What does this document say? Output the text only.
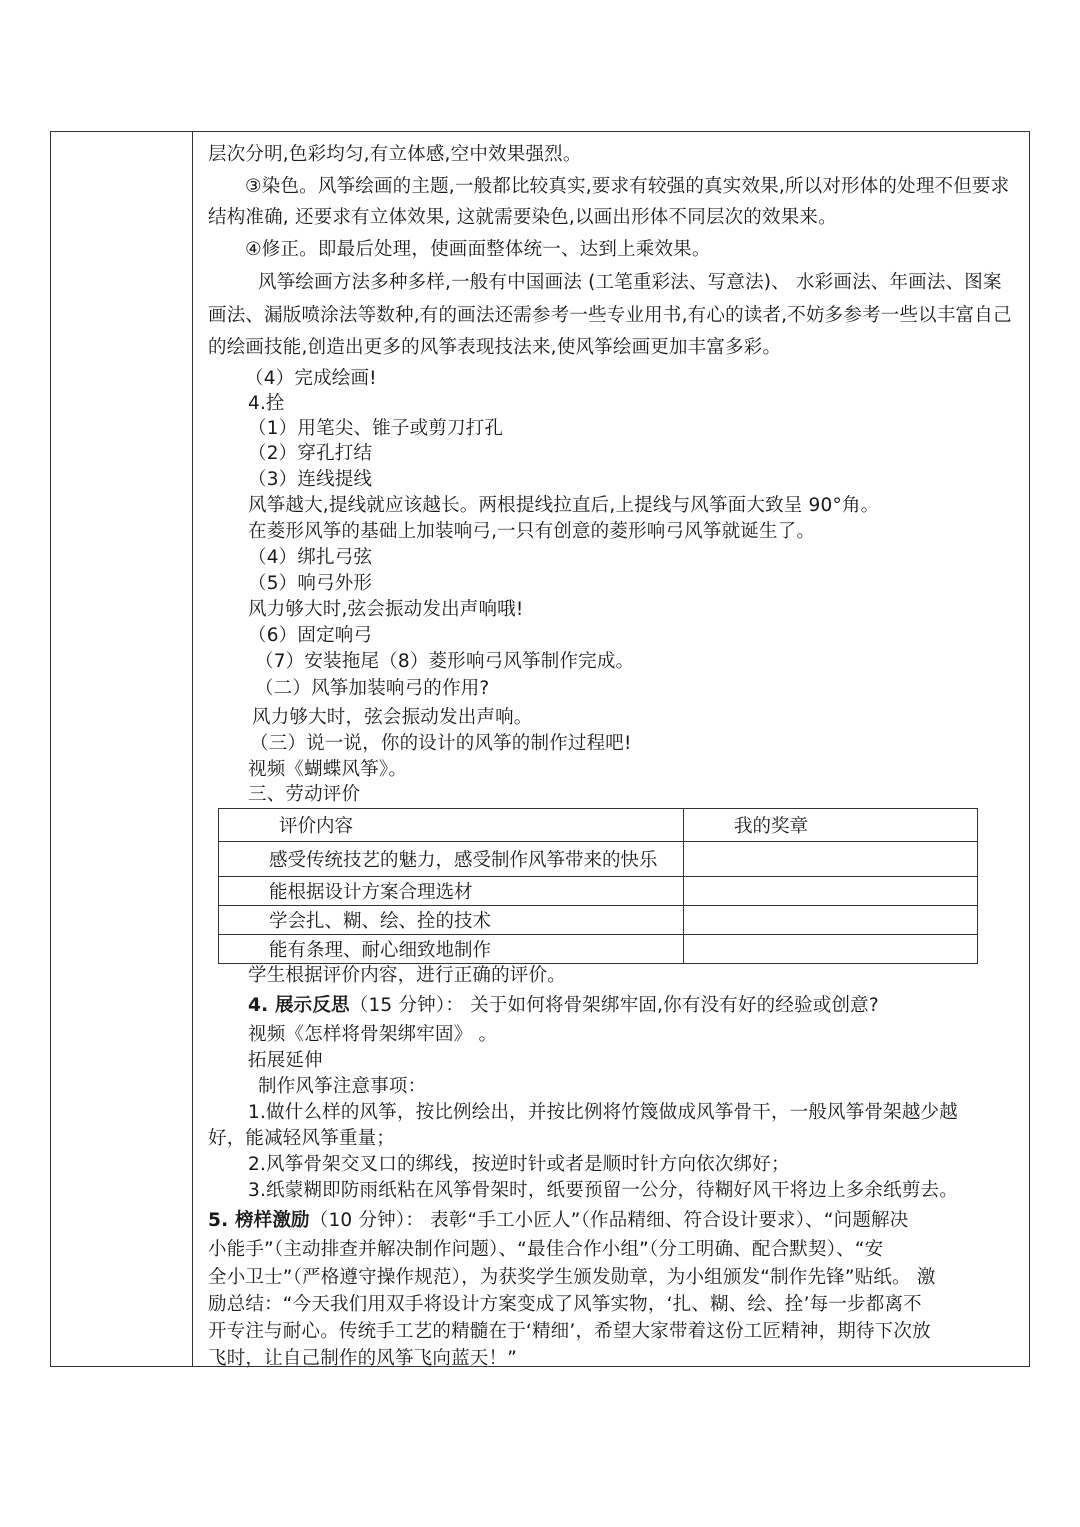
层次分明,色彩均匀,有立体感,空中效果强烈。
③染色。风筝绘画的主题,一般都比较真实,要求有较强的真实效果,所以对形体的处理不但要求
结构准确, 还要求有立体效果, 这就需要染色,以画出形体不同层次的效果来。
④修正。即最后处理，使画面整体统一、达到上乘效果。
风筝绘画方法多种多样,一般有中国画法 (工笔重彩法、写意法)、 水彩画法、年画法、图案
画法、漏版喷涂法等数种,有的画法还需参考一些专业用书,有心的读者,不妨多参考一些以丰富自己
的绘画技能,创造出更多的风筝表现技法来,使风筝绘画更加丰富多彩。
（4）完成绘画!
4.拴
（1）用笔尖、锥子或剪刀打孔
（2）穿孔打结
（3）连线提线
风筝越大,提线就应该越长。两根提线拉直后,上提线与风筝面大致呈 90°角。
在菱形风筝的基础上加装响弓,一只有创意的菱形响弓风筝就诞生了。
（4）绑扎弓弦
（5）响弓外形
风力够大时,弦会振动发出声响哦!
（6）固定响弓
（7）安装拖尾（8）菱形响弓风筝制作完成。
（二）风筝加装响弓的作用?
风力够大时，弦会振动发出声响。
（三）说一说，你的设计的风筝的制作过程吧!
视频《蝴蝶风筝》。
三、劳动评价
评价内容	我的奖章
感受传统技艺的魅力，感受制作风筝带来的快乐	
能根据设计方案合理选材	
学会扎、糊、绘、拴的技术	
能有条理、耐心细致地制作	
学生根据评价内容，进行正确的评价。
4. 展示反思（15 分钟）： 关于如何将骨架绑牢固,你有没有好的经验或创意?
视频《怎样将骨架绑牢固》 。
拓展延伸
制作风筝注意事项：
1.做什么样的风筝，按比例绘出，并按比例将竹篾做成风筝骨干，一般风筝骨架越少越
好，能减轻风筝重量；
2.风筝骨架交叉口的绑线，按逆时针或者是顺时针方向依次绑好；
3.纸蒙糊即防雨纸粘在风筝骨架时，纸要预留一公分，待糊好风干将边上多余纸剪去。
5. 榜样激励（10 分钟）： 表彰“手工小匠人”（作品精细、符合设计要求）、“问题解决
小能手”（主动排查并解决制作问题）、“最佳合作小组”（分工明确、配合默契）、“安
全小卫士”（严格遵守操作规范），为获奖学生颁发勋章，为小组颁发“制作先锋”贴纸。 激
励总结：“今天我们用双手将设计方案变成了风筝实物，‘扎、糊、绘、拴’每一步都离不
开专注与耐心。传统手工艺的精髓在于‘精细’，希望大家带着这份工匠精神，期待下次放
飞时，让自己制作的风筝飞向蓝天！”
